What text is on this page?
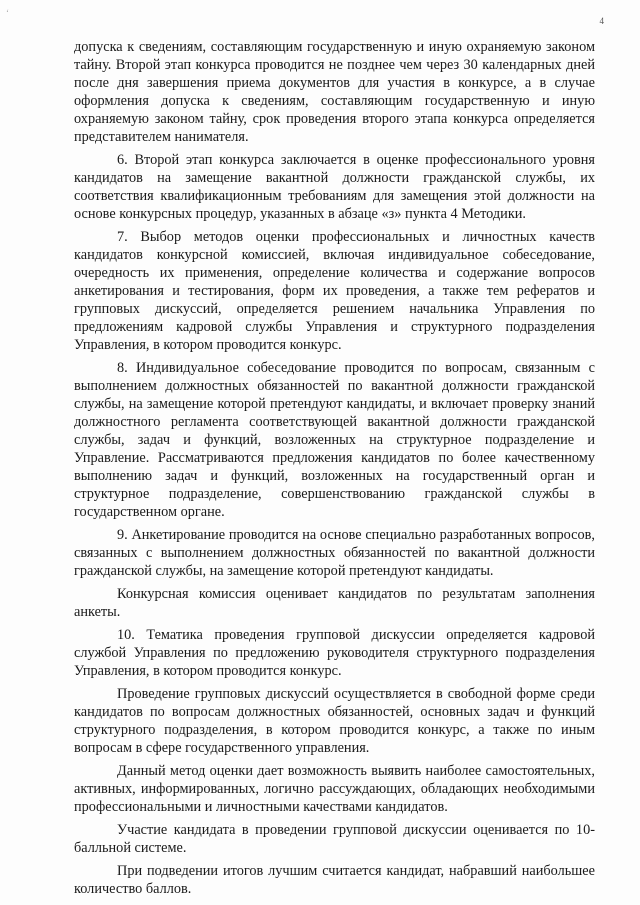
‘
4

допуска к сведениям, составляющим государственную и иную охраняемую законом тайну. Второй этап конкурса проводится не позднее чем через 30 календарных дней после дня завершения приема документов для участия в конкурсе, а в случае оформления допуска к сведениям, составляющим государственную и иную охраняемую законом тайну, срок проведения второго этапа конкурса определяется представителем нанимателя.

6. Второй этап конкурса заключается в оценке профессионального уровня кандидатов на замещение вакантной должности гражданской службы, их соответствия квалификационным требованиям для замещения этой должности на основе конкурсных процедур, указанных в абзаце «з» пункта 4 Методики.

7. Выбор методов оценки профессиональных и личностных качеств кандидатов конкурсной комиссией, включая индивидуальное собеседование, очередность их применения, определение количества и содержание вопросов анкетирования и тестирования, форм их проведения, а также тем рефератов и групповых дискуссий, определяется решением начальника Управления по предложениям кадровой службы Управления и структурного подразделения Управления, в котором проводится конкурс.

8. Индивидуальное собеседование проводится по вопросам, связанным с выполнением должностных обязанностей по вакантной должности гражданской службы, на замещение которой претендуют кандидаты, и включает проверку знаний должностного регламента соответствующей вакантной должности гражданской службы, задач и функций, возложенных на структурное подразделение и Управление. Рассматриваются предложения кандидатов по более качественному выполнению задач и функций, возложенных на государственный орган и структурное подразделение, совершенствованию гражданской службы в государственном органе.

9. Анкетирование проводится на основе специально разработанных вопросов, связанных с выполнением должностных обязанностей по вакантной должности гражданской службы, на замещение которой претендуют кандидаты.

Конкурсная комиссия оценивает кандидатов по результатам заполнения анкеты.

10. Тематика проведения групповой дискуссии определяется кадровой службой Управления по предложению руководителя структурного подразделения Управления, в котором проводится конкурс.

Проведение групповых дискуссий осуществляется в свободной форме среди кандидатов по вопросам должностных обязанностей, основных задач и функций структурного подразделения, в котором проводится конкурс, а также по иным вопросам в сфере государственного управления.

Данный метод оценки дает возможность выявить наиболее самостоятельных, активных, информированных, логично рассуждающих, обладающих необходимыми профессиональными и личностными качествами кандидатов.

Участие кандидата в проведении групповой дискуссии оценивается по 10-балльной системе.

При подведении итогов лучшим считается кандидат, набравший наибольшее количество баллов.
